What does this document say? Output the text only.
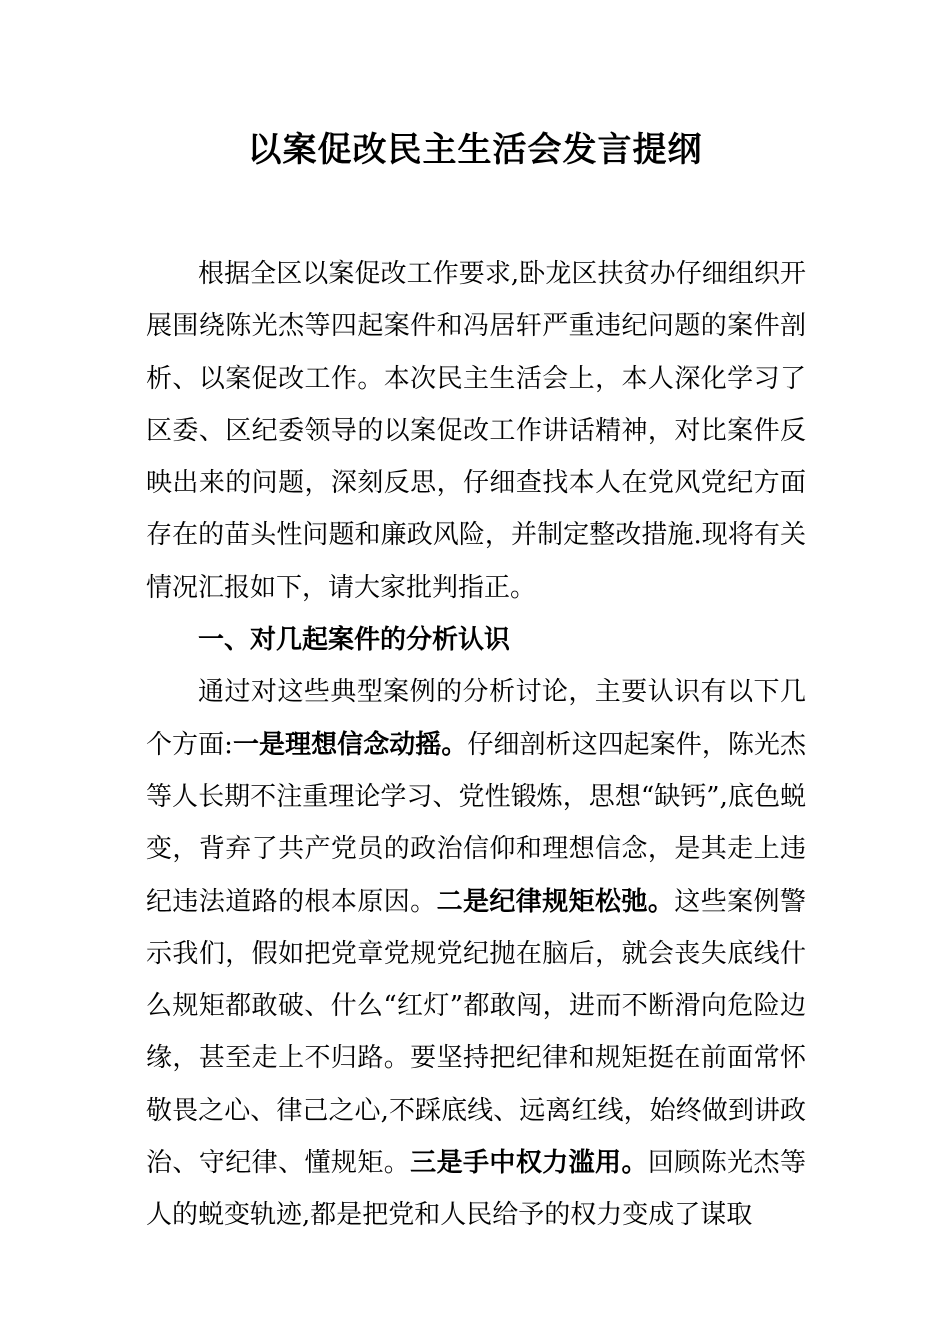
以案促改民主生活会发言提纲

根据全区以案促改工作要求,卧龙区扶贫办仔细组织开展围绕陈光杰等四起案件和冯居轩严重违纪问题的案件剖析、以案促改工作。本次民主生活会上，本人深化学习了区委、区纪委领导的以案促改工作讲话精神，对比案件反映出来的问题，深刻反思，仔细查找本人在党风党纪方面存在的苗头性问题和廉政风险，并制定整改措施.现将有关情况汇报如下，请大家批判指正。

一、对几起案件的分析认识

通过对这些典型案例的分析讨论，主要认识有以下几个方面:一是理想信念动摇。仔细剖析这四起案件，陈光杰等人长期不注重理论学习、党性锻炼，思想“缺钙”,底色蜕变，背弃了共产党员的政治信仰和理想信念，是其走上违纪违法道路的根本原因。二是纪律规矩松弛。这些案例警示我们，假如把党章党规党纪抛在脑后，就会丧失底线什么规矩都敢破、什么“红灯”都敢闯，进而不断滑向危险边缘，甚至走上不归路。要坚持把纪律和规矩挺在前面常怀敬畏之心、律己之心,不踩底线、远离红线，始终做到讲政治、守纪律、懂规矩。三是手中权力滥用。回顾陈光杰等人的蜕变轨迹,都是把党和人民给予的权力变成了谋取
